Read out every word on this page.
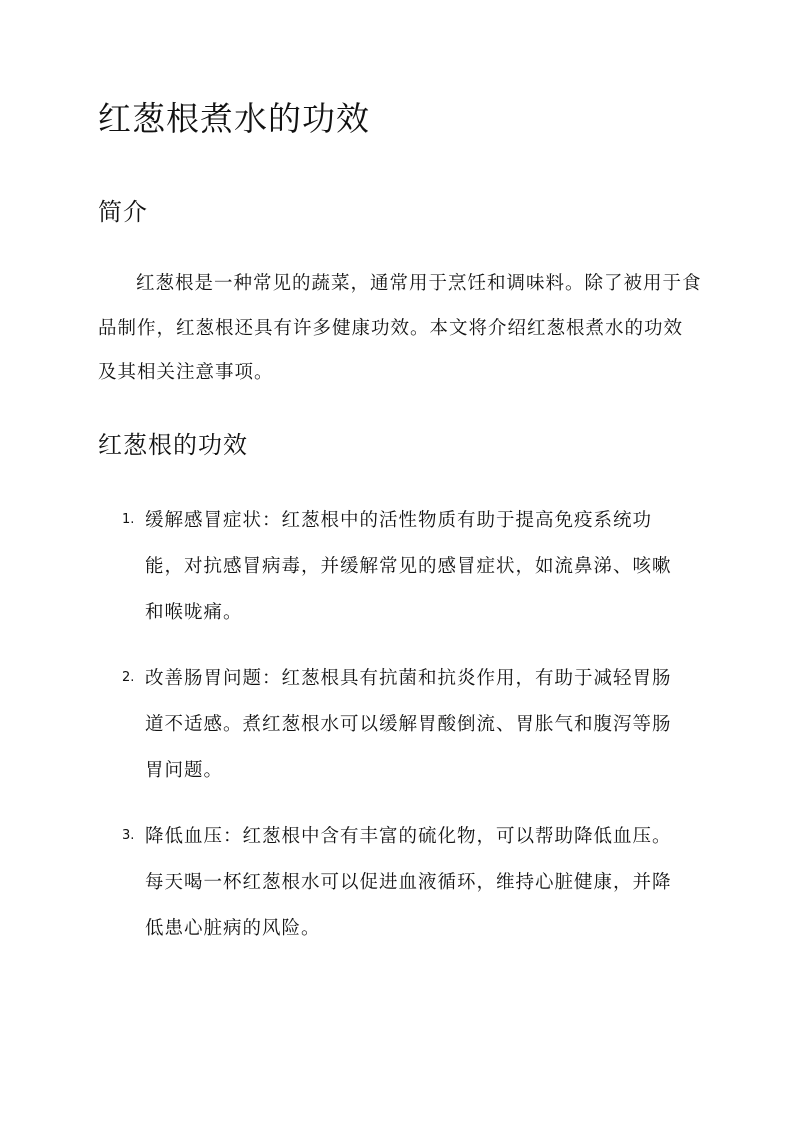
红葱根煮水的功效
简介

红葱根是一种常见的蔬菜，通常用于烹饪和调味料。除了被用于食品制作，红葱根还具有许多健康功效。本文将介绍红葱根煮水的功效及其相关注意事项。

红葱根的功效
1. 缓解感冒症状：红葱根中的活性物质有助于提高免疫系统功能，对抗感冒病毒，并缓解常见的感冒症状，如流鼻涕、咳嗽和喉咙痛。

2. 改善肠胃问题：红葱根具有抗菌和抗炎作用，有助于减轻胃肠道不适感。煮红葱根水可以缓解胃酸倒流、胃胀气和腹泻等肠胃问题。

3. 降低血压：红葱根中含有丰富的硫化物，可以帮助降低血压。每天喝一杯红葱根水可以促进血液循环，维持心脏健康，并降低患心脏病的风险。
